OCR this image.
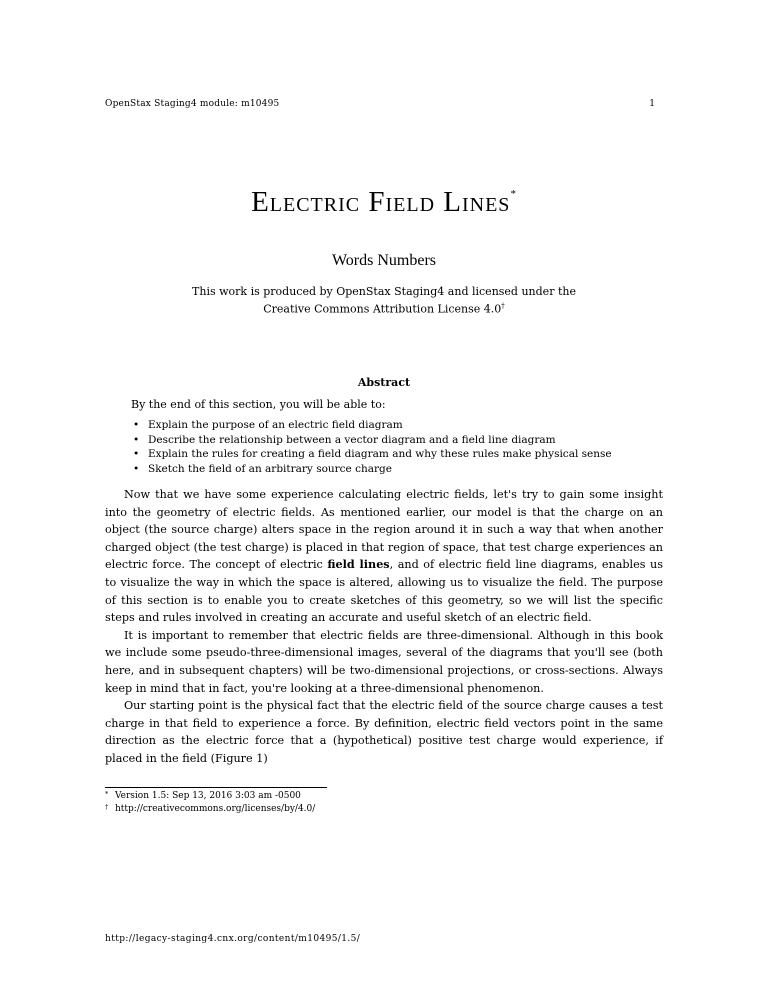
OpenStax Staging4 module: m10495	1
Electric Field Lines*
Words Numbers
This work is produced by OpenStax Staging4 and licensed under the
Creative Commons Attribution License 4.0†
Abstract
By the end of this section, you will be able to:
• Explain the purpose of an electric field diagram
• Describe the relationship between a vector diagram and a field line diagram
• Explain the rules for creating a field diagram and why these rules make physical sense
• Sketch the field of an arbitrary source charge

Now that we have some experience calculating electric fields, let's try to gain some insight into the geometry of electric fields. As mentioned earlier, our model is that the charge on an object (the source charge) alters space in the region around it in such a way that when another charged object (the test charge) is placed in that region of space, that test charge experiences an electric force. The concept of electric field lines, and of electric field line diagrams, enables us to visualize the way in which the space is altered, allowing us to visualize the field. The purpose of this section is to enable you to create sketches of this geometry, so we will list the specific steps and rules involved in creating an accurate and useful sketch of an electric field.

It is important to remember that electric fields are three-dimensional. Although in this book we include some pseudo-three-dimensional images, several of the diagrams that you'll see (both here, and in subsequent chapters) will be two-dimensional projections, or cross-sections. Always keep in mind that in fact, you're looking at a three-dimensional phenomenon.

Our starting point is the physical fact that the electric field of the source charge causes a test charge in that field to experience a force. By definition, electric field vectors point in the same direction as the electric force that a (hypothetical) positive test charge would experience, if placed in the field (Figure 1)

* Version 1.5: Sep 13, 2016 3:03 am -0500
† http://creativecommons.org/licenses/by/4.0/
http://legacy-staging4.cnx.org/content/m10495/1.5/
